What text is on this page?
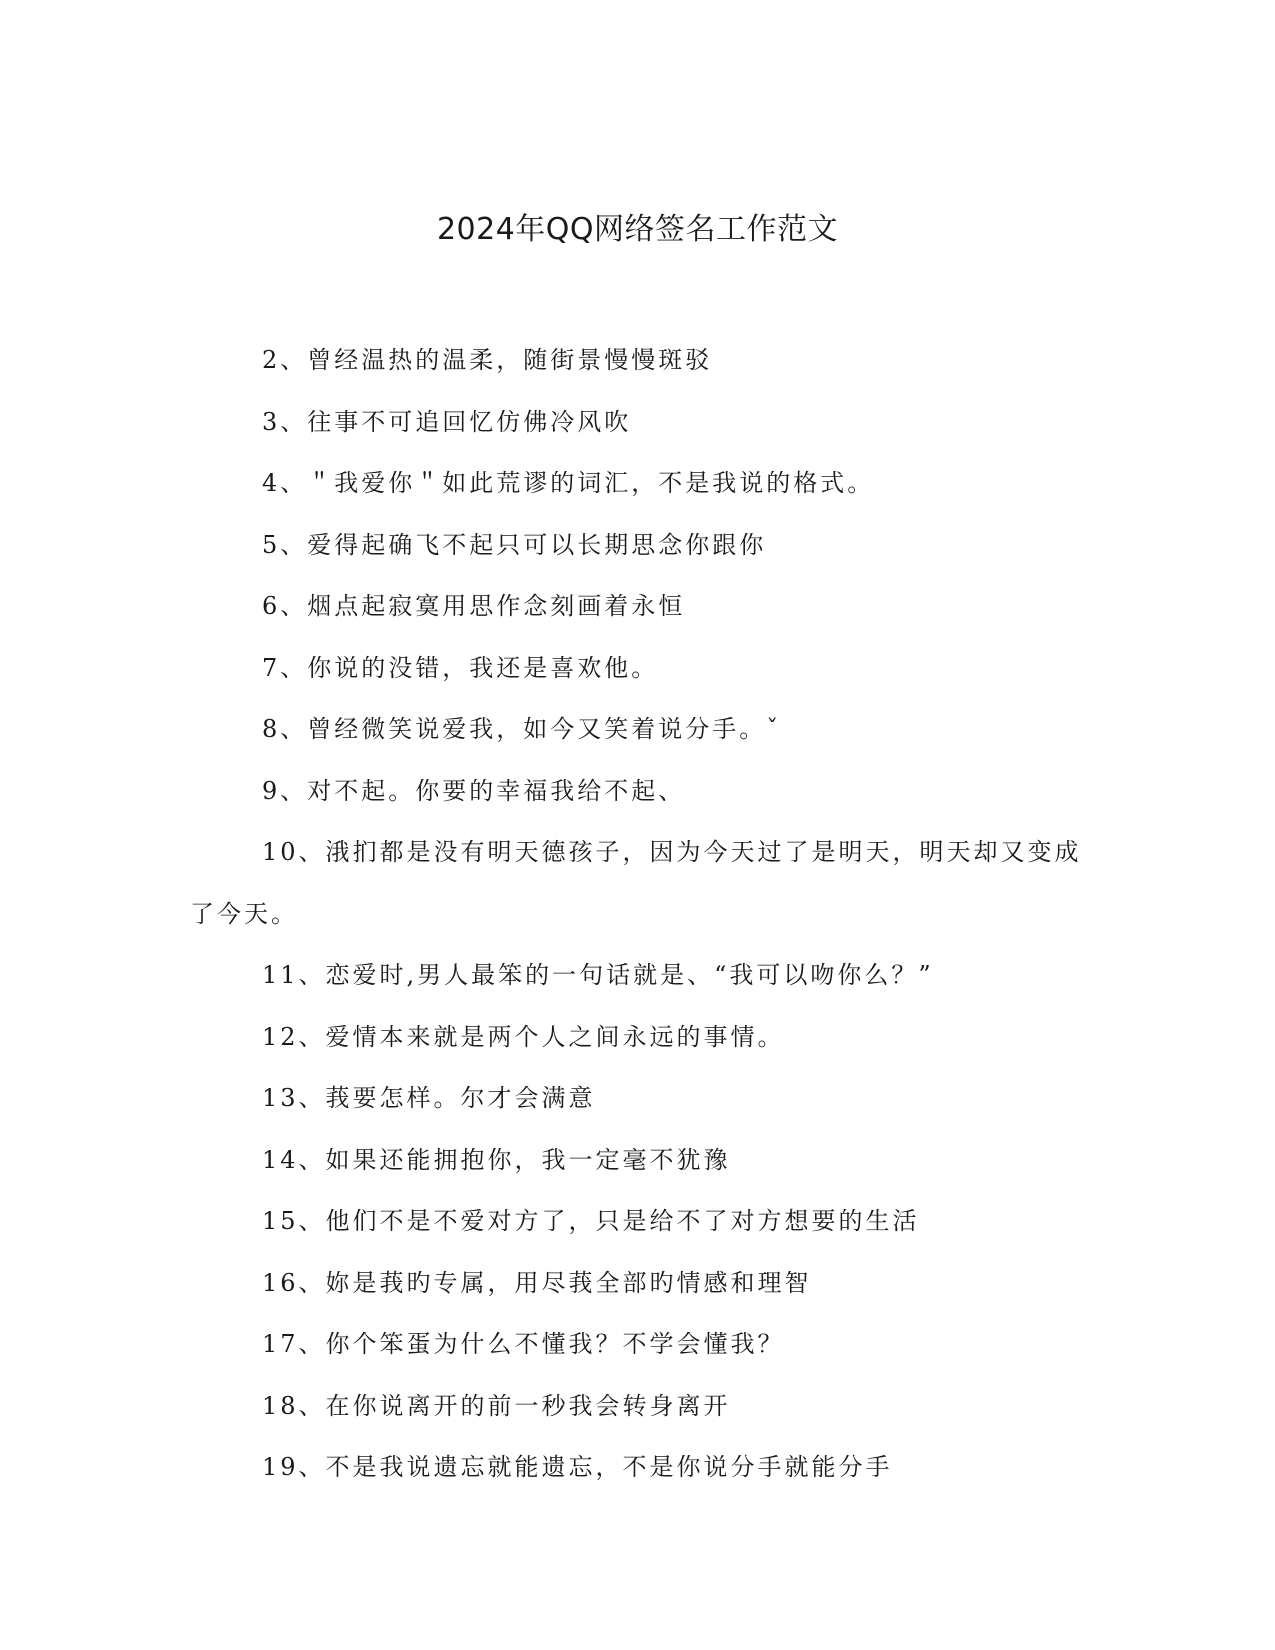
2024年QQ网络签名工作范文

2、曾经温热的温柔，随街景慢慢斑驳

3、往事不可追回忆仿佛冷风吹

4、＂我爱你＂如此荒谬的词汇，不是我说的格式。

5、爱得起确飞不起只可以长期思念你跟你

6、烟点起寂寞用思作念刻画着永恒

7、你说的没错，我还是喜欢他。

8、曾经微笑说爱我，如今又笑着说分手。ˇ

9、对不起。你要的幸福我给不起、

10、涐扪都是没有明天德孩子，因为今天过了是明天，明天却又变成了今天。

11、恋爱时,男人最笨的一句话就是、“我可以吻你么？”

12、爱情本来就是两个人之间永远的事情。

13、莪要怎样。尔才会满意

14、如果还能拥抱你，我一定毫不犹豫

15、他们不是不爱对方了，只是给不了对方想要的生活

16、妳是莪旳专属，用尽莪全部旳情感和理智

17、你个笨蛋为什么不懂我？不学会懂我？

18、在你说离开的前一秒我会转身离开

19、不是我说遗忘就能遗忘，不是你说分手就能分手
